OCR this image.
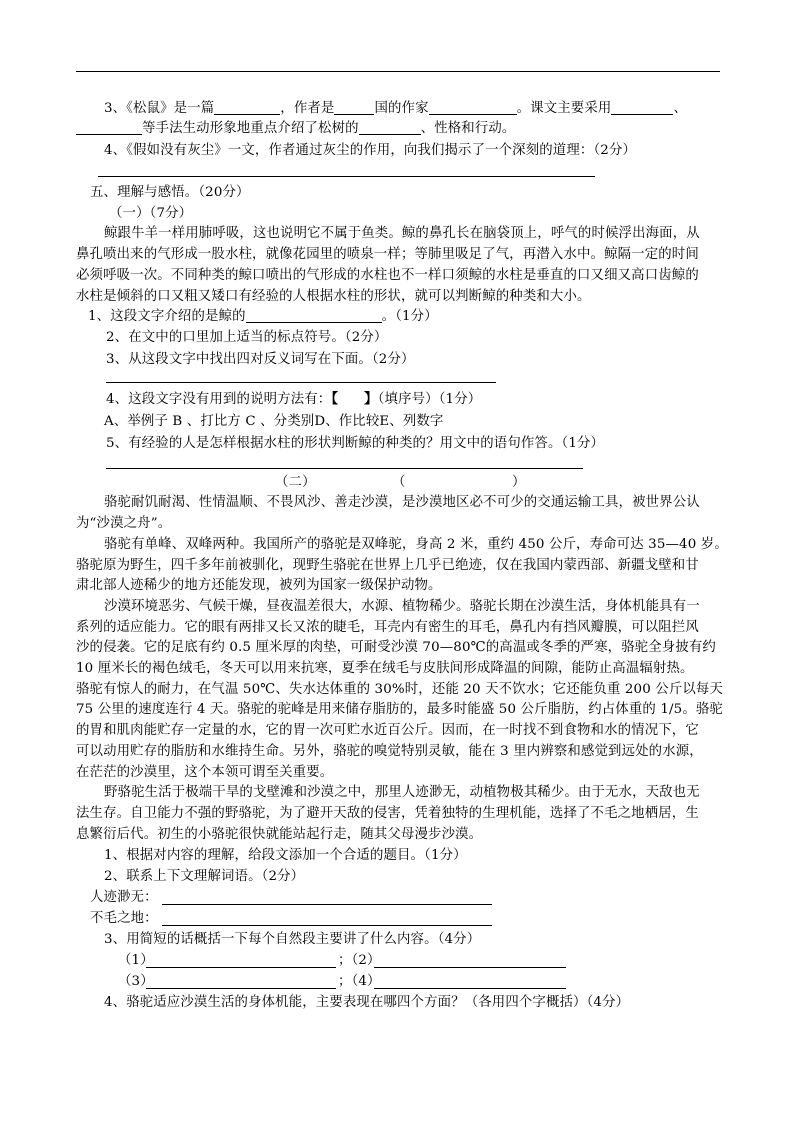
3、《松鼠》是一篇	，作者是	国的作家	。课文主要采用	、
等手法生动形象地重点介绍了松树的	、性格和行动。
4、《假如没有灰尘》一文，作者通过灰尘的作用，向我们揭示了一个深刻的道理：（2分）
五、理解与感悟。（20分）
（一）（7分）
鲸跟牛羊一样用肺呼吸，这也说明它不属于鱼类。鲸的鼻孔长在脑袋顶上，呼气的时候浮出海面，从
鼻孔喷出来的气形成一股水柱，就像花园里的喷泉一样；等肺里吸足了气，再潜入水中。鲸隔一定的时间
必须呼吸一次。不同种类的鲸口喷出的气形成的水柱也不一样口须鲸的水柱是垂直的口又细又高口齿鲸的
水柱是倾斜的口又粗又矮口有经验的人根据水柱的形状，就可以判断鲸的种类和大小。
1、这段文字介绍的是鲸的	。（1分）
2、在文中的口里加上适当的标点符号。（2分）
3、从这段文字中找出四对反义词写在下面。（2分）
4、这段文字没有用到的说明方法有：【 】（填序号）（1分）
A、举例子 B 、打比方 C 、分类别D、作比较E、列数字
5、有经验的人是怎样根据水柱的形状判断鲸的种类的？用文中的语句作答。（1分）
（二）	（	）
骆驼耐饥耐渴、性情温顺、不畏风沙、善走沙漠，是沙漠地区必不可少的交通运输工具，被世界公认
为“沙漠之舟”。
骆驼有单峰、双峰两种。我国所产的骆驼是双峰驼，身高 2 米，重约 450 公斤，寿命可达 35—40 岁。
骆驼原为野生，四千多年前被驯化，现野生骆驼在世界上几乎已绝迹，仅在我国内蒙西部、新疆戈壁和甘
肃北部人迹稀少的地方还能发现，被列为国家一级保护动物。
沙漠环境恶劣、气候干燥，昼夜温差很大，水源、植物稀少。骆驼长期在沙漠生活，身体机能具有一
系列的适应能力。它的眼有两排又长又浓的睫毛，耳壳内有密生的耳毛，鼻孔内有挡风瓣膜，可以阻拦风
沙的侵袭。它的足底有约 0.5 厘米厚的肉垫，可耐受沙漠 70—80℃的高温或冬季的严寒，骆驼全身披有约
10 厘米长的褐色绒毛，冬天可以用来抗寒，夏季在绒毛与皮肤间形成降温的间隙，能防止高温辐射热。
骆驼有惊人的耐力，在气温 50℃、失水达体重的 30%时，还能 20 天不饮水；它还能负重 200 公斤以每天
75 公里的速度连行 4 天。骆驼的驼峰是用来储存脂肪的，最多时能盛 50 公斤脂肪，约占体重的 1/5。骆驼
的胃和肌肉能贮存一定量的水，它的胃一次可贮水近百公斤。因而，在一时找不到食物和水的情况下，它
可以动用贮存的脂肪和水维持生命。另外，骆驼的嗅觉特别灵敏，能在 3 里内辨察和感觉到远处的水源，
在茫茫的沙漠里，这个本领可谓至关重要。
野骆驼生活于极端干旱的戈壁滩和沙漠之中，那里人迹渺无，动植物极其稀少。由于无水，天敌也无
法生存。自卫能力不强的野骆驼，为了避开天敌的侵害，凭着独特的生理机能，选择了不毛之地栖居，生
息繁衍后代。初生的小骆驼很快就能站起行走，随其父母漫步沙漠。
1、根据对内容的理解，给段文添加一个合适的题目。（1分）
2、联系上下文理解词语。（2分）
人迹渺无：
不毛之地：
3、用简短的话概括一下每个自然段主要讲了什么内容。（4分）
（1）	；（2）
（3）	；（4）
4、骆驼适应沙漠生活的身体机能，主要表现在哪四个方面？（各用四个字概括）（4分）
